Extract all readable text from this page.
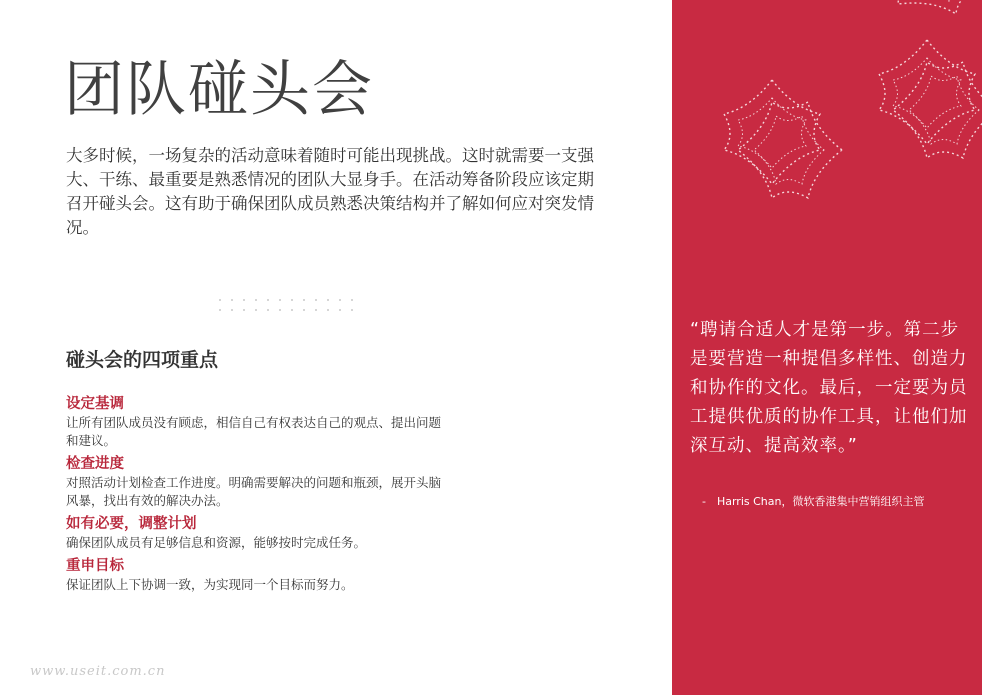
团队碰头会

大多时候，一场复杂的活动意味着随时可能出现挑战。这时就需要一支强大、干练、最重要是熟悉情况的团队大显身手。在活动筹备阶段应该定期召开碰头会。这有助于确保团队成员熟悉决策结构并了解如何应对突发情况。

碰头会的四项重点
设定基调
让所有团队成员没有顾虑，相信自己有权表达自己的观点、提出问题和建议。
检查进度
对照活动计划检查工作进度。明确需要解决的问题和瓶颈，展开头脑风暴，找出有效的解决办法。
如有必要，调整计划
确保团队成员有足够信息和资源，能够按时完成任务。
重申目标
保证团队上下协调一致，为实现同一个目标而努力。
www.useit.com.cn

“聘请合适人才是第一步。第二步是要营造一种提倡多样性、创造力和协作的文化。最后，一定要为员工提供优质的协作工具，让他们加深互动、提高效率。”

-　Harris Chan，微软香港集中营销组织主管
